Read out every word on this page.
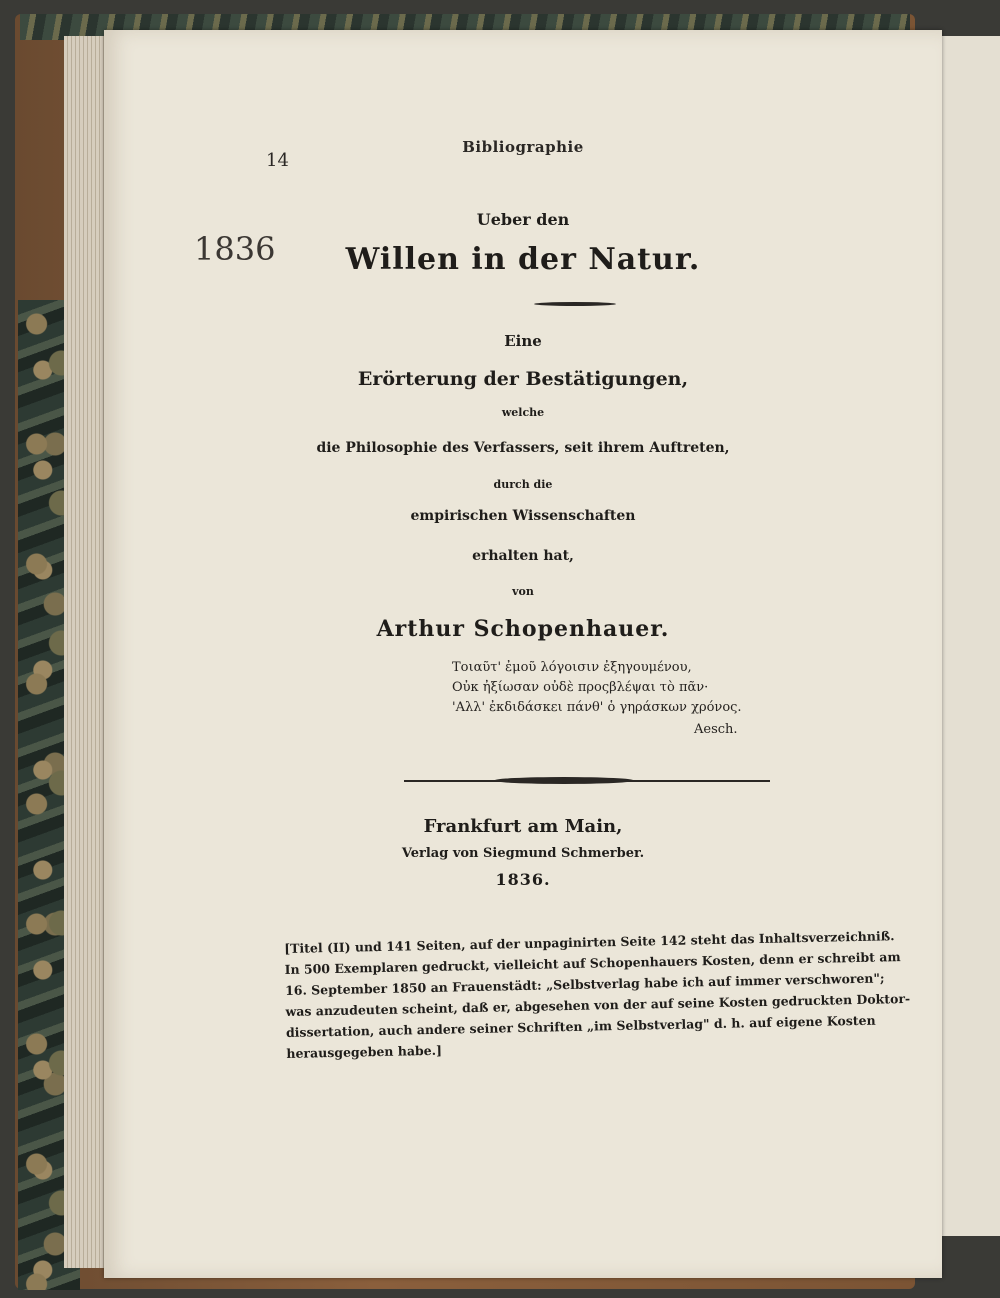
14
Bibliographie
1836
Ueber den
Willen in der Natur.
Eine
Erörterung der Bestätigungen,
welche
die Philosophie des Verfassers, seit ihrem Auftreten,
durch die
empirischen Wissenschaften
erhalten hat,
von
Arthur Schopenhauer.
Τοιαῦτ' ἐμοῦ λόγοισιν ἐξηγουμένου,
Οὐκ ἠξίωσαν οὐδὲ προςβλέψαι τὸ πᾶν·
'Αλλ' ἐκδιδάσκει πάνθ' ὁ γηράσκων χρόνος.
Aesch.
Frankfurt am Main,
Verlag von Siegmund Schmerber.
1836.
[Titel (II) und 141 Seiten, auf der unpaginirten Seite 142 steht das Inhaltsverzeichniß.
In 500 Exemplaren gedruckt, vielleicht auf Schopenhauers Kosten, denn er schreibt am
16. September 1850 an Frauenstädt: „Selbstverlag habe ich auf immer verschworen";
was anzudeuten scheint, daß er, abgesehen von der auf seine Kosten gedruckten Doktor-
dissertation, auch andere seiner Schriften „im Selbstverlag" d. h. auf eigene Kosten
herausgegeben habe.]
